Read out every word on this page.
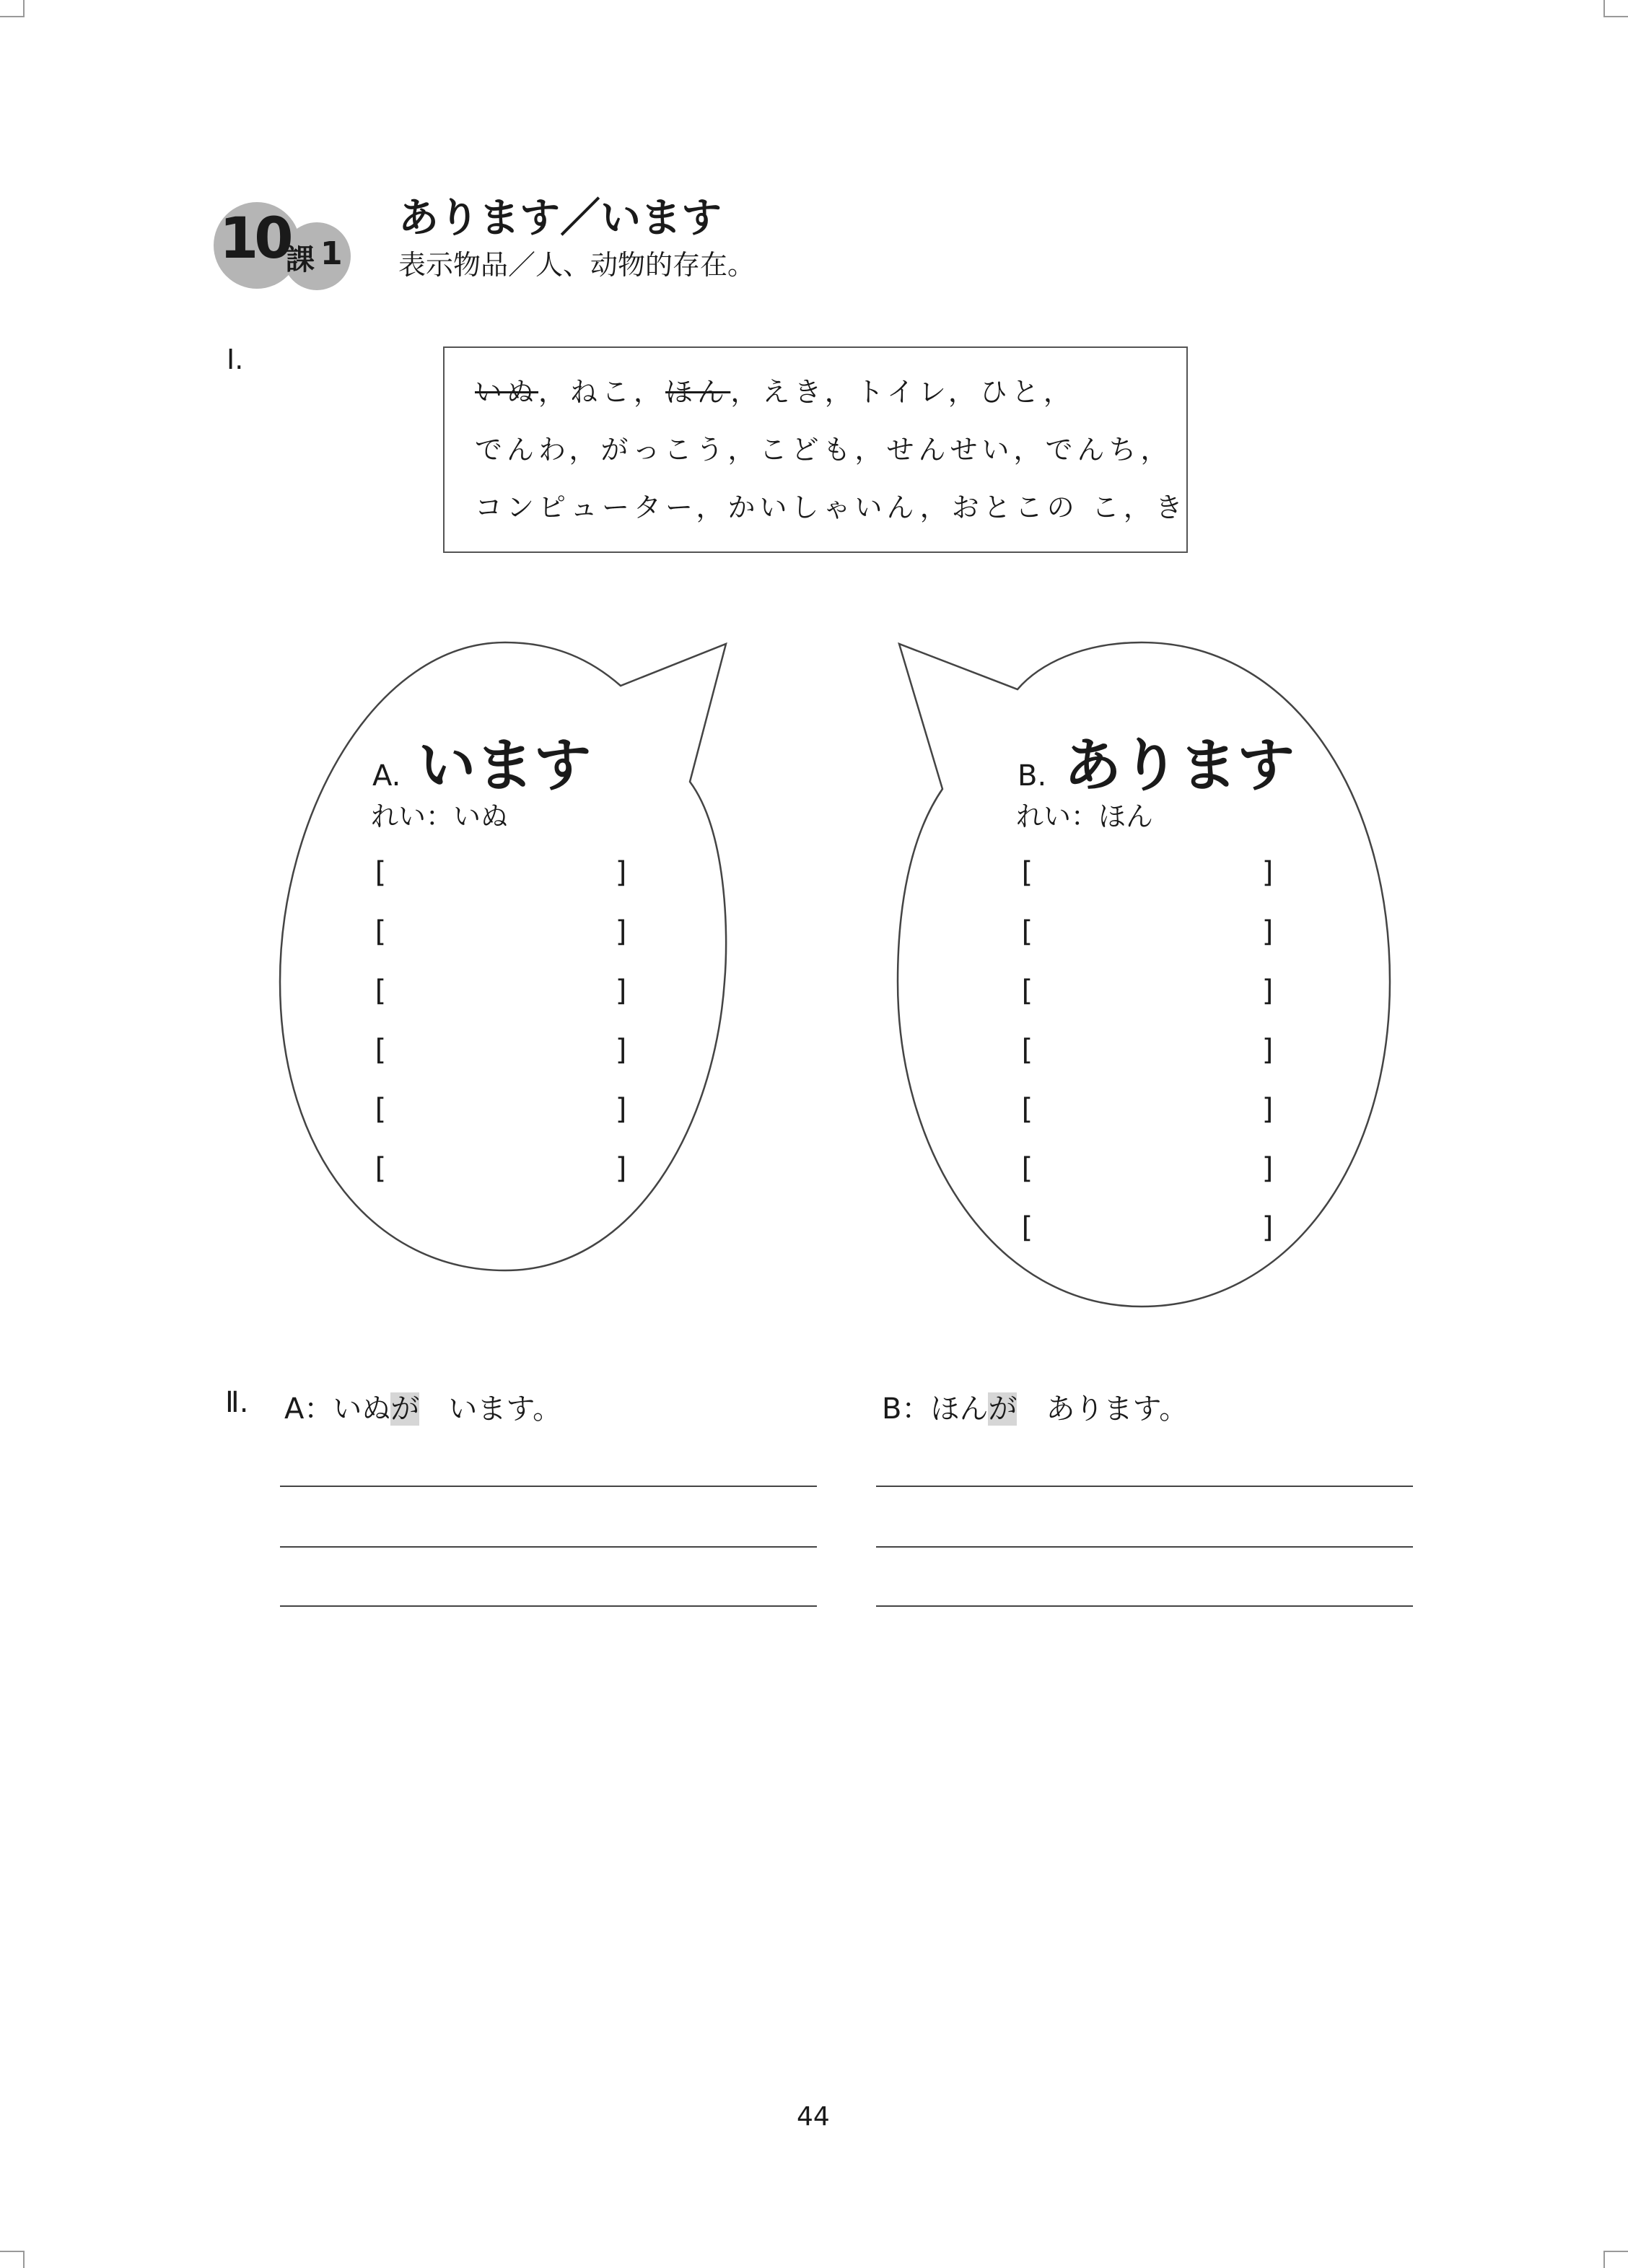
10
課 1
あります／います
表示物品／人、动物的存在。
Ⅰ.
いぬ，ねこ，ほん，えき，トイレ，ひと，
でんわ，がっこう，こども，せんせい，でんち，
コンピューター，かいしゃいん，おとこの こ，き
A. います
れい：いぬ
[	]
[	]
[	]
[	]
[	]
[	]
B. あります
れい：ほん
[	]
[	]
[	]
[	]
[	]
[	]
[	]
Ⅱ. A：いぬが　います。	B：ほんが　あります。
44
